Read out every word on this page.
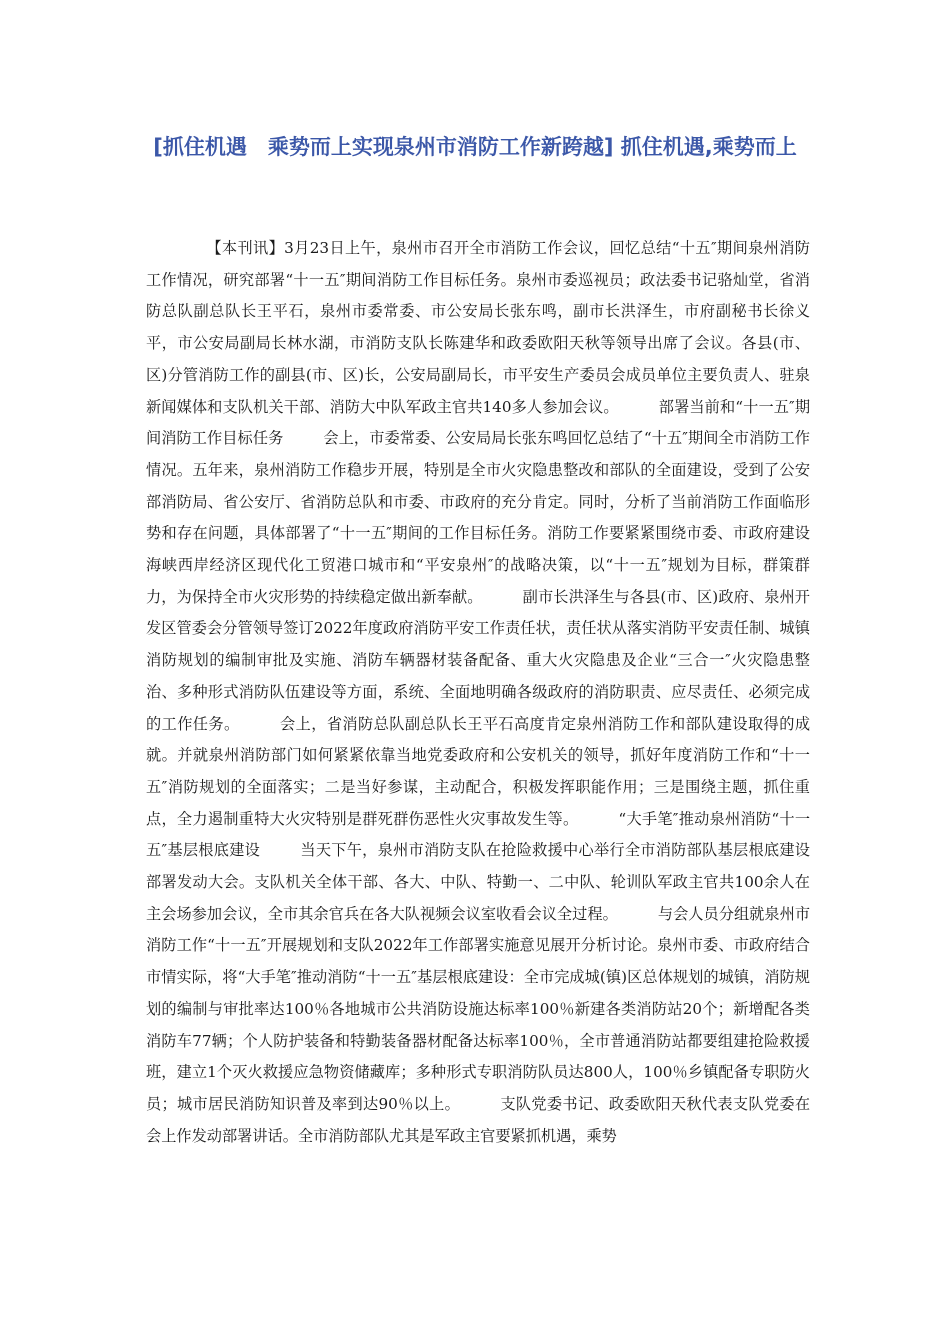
[抓住机遇　乘势而上实现泉州市消防工作新跨越] 抓住机遇,乘势而上

【本刊讯】3月23日上午，泉州市召开全市消防工作会议，回忆总结“十五″期间泉州消防工作情况，研究部署“十一五″期间消防工作目标任务。泉州市委巡视员；政法委书记骆灿堂，省消防总队副总队长王平石，泉州市委常委、市公安局长张东鸣，副市长洪泽生，市府副秘书长徐义平，市公安局副局长林水湖，市消防支队长陈建华和政委欧阳天秋等领导出席了会议。各县(市、区)分管消防工作的副县(市、区)长，公安局副局长，市平安生产委员会成员单位主要负责人、驻泉新闻媒体和支队机关干部、消防大中队军政主官共140多人参加会议。	部署当前和“十一五″期间消防工作目标任务	会上，市委常委、公安局局长张东鸣回忆总结了“十五″期间全市消防工作情况。五年来，泉州消防工作稳步开展，特别是全市火灾隐患整改和部队的全面建设，受到了公安部消防局、省公安厅、省消防总队和市委、市政府的充分肯定。同时，分析了当前消防工作面临形势和存在问题，具体部署了“十一五″期间的工作目标任务。消防工作要紧紧围绕市委、市政府建设海峡西岸经济区现代化工贸港口城市和“平安泉州″的战略决策，以“十一五″规划为目标，群策群力，为保持全市火灾形势的持续稳定做出新奉献。	副市长洪泽生与各县(市、区)政府、泉州开发区管委会分管领导签订2022年度政府消防平安工作责任状，责任状从落实消防平安责任制、城镇消防规划的编制审批及实施、消防车辆器材装备配备、重大火灾隐患及企业“三合一″火灾隐患整治、多种形式消防队伍建设等方面，系统、全面地明确各级政府的消防职责、应尽责任、必须完成的工作任务。	会上，省消防总队副总队长王平石高度肯定泉州消防工作和部队建设取得的成就。并就泉州消防部门如何紧紧依靠当地党委政府和公安机关的领导，抓好年度消防工作和“十一五″消防规划的全面落实；二是当好参谋，主动配合，积极发挥职能作用；三是围绕主题，抓住重点，全力遏制重特大火灾特别是群死群伤恶性火灾事故发生等。	“大手笔″推动泉州消防“十一五″基层根底建设	当天下午，泉州市消防支队在抢险救援中心举行全市消防部队基层根底建设部署发动大会。支队机关全体干部、各大、中队、特勤一、二中队、轮训队军政主官共100余人在主会场参加会议，全市其余官兵在各大队视频会议室收看会议全过程。	与会人员分组就泉州市消防工作“十一五″开展规划和支队2022年工作部署实施意见展开分析讨论。泉州市委、市政府结合市情实际，将“大手笔″推动消防“十一五″基层根底建设：全市完成城(镇)区总体规划的城镇，消防规划的编制与审批率达100％各地城市公共消防设施达标率100％新建各类消防站20个；新增配各类消防车77辆；个人防护装备和特勤装备器材配备达标率100％，全市普通消防站都要组建抢险救援班，建立1个灭火救援应急物资储藏库；多种形式专职消防队员达800人，100％乡镇配备专职防火员；城市居民消防知识普及率到达90％以上。	支队党委书记、政委欧阳天秋代表支队党委在会上作发动部署讲话。全市消防部队尤其是军政主官要紧抓机遇，乘势
